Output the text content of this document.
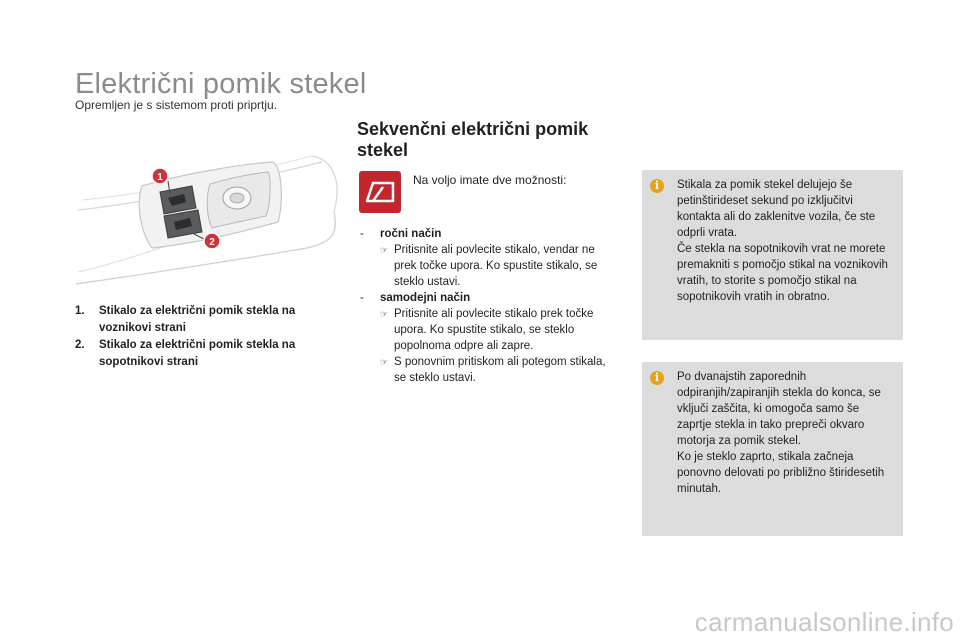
Električni pomik stekel
Opremljen je s sistemom proti priprtju.
1
2
1.	Stikalo za električni pomik stekla na voznikovi strani
2.	Stikalo za električni pomik stekla na sopotnikovi strani
Sekvenčni električni pomik stekel
Na voljo imate dve možnosti:
-	ročni način
☞ Pritisnite ali povlecite stikalo, vendar ne prek točke upora. Ko spustite stikalo, se steklo ustavi.
-	samodejni način
☞ Pritisnite ali povlecite stikalo prek točke upora. Ko spustite stikalo, se steklo popolnoma odpre ali zapre.
☞ S ponovnim pritiskom ali potegom stikala, se steklo ustavi.
i	Stikala za pomik stekel delujejo še petinštirideset sekund po izključitvi kontakta ali do zaklenitve vozila, če ste odprli vrata.
Če stekla na sopotnikovih vrat ne morete premakniti s pomočjo stikal na voznikovih vratih, to storite s pomočjo stikal na sopotnikovih vratih in obratno.
i	Po dvanajstih zaporednih odpiranjih/zapiranjih stekla do konca, se vključi zaščita, ki omogoča samo še zaprtje stekla in tako prepreči okvaro motorja za pomik stekel.
Ko je steklo zaprto, stikala začneja ponovno delovati po približno štiridesetih minutah.
carmanualsonline.info
